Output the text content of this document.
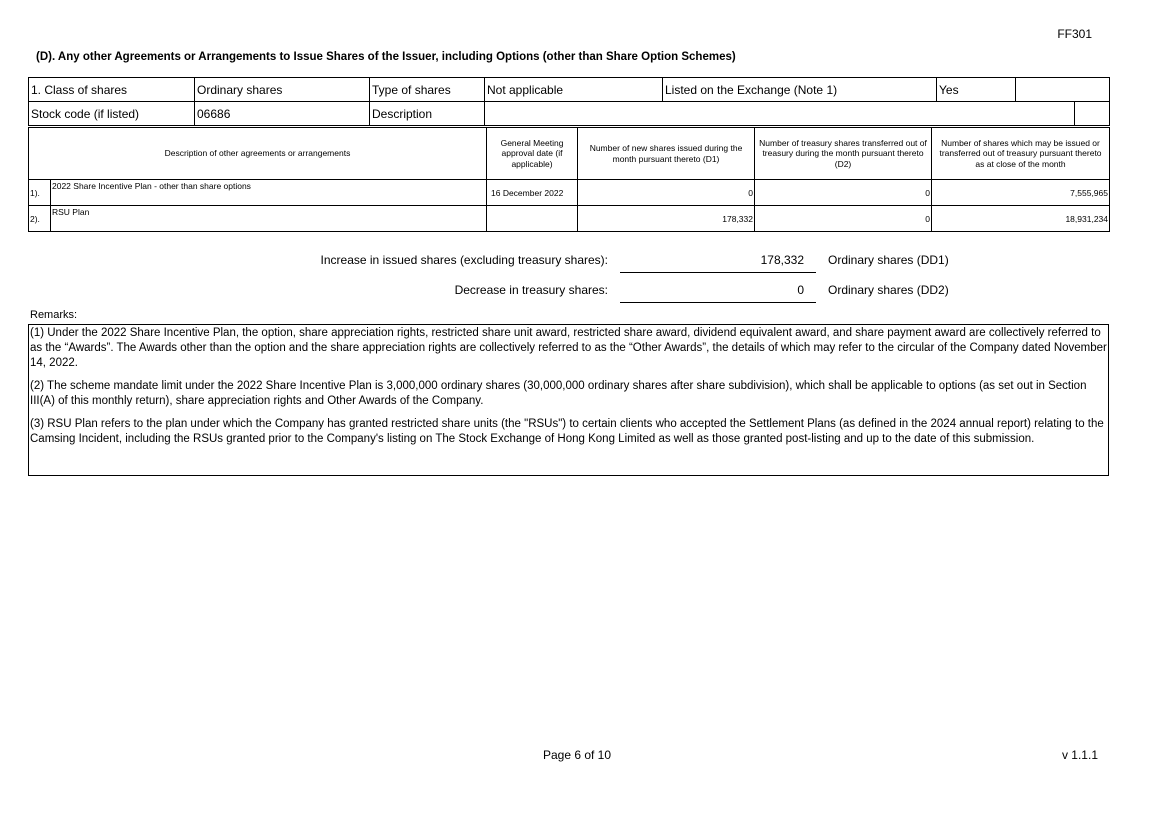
FF301
(D). Any other Agreements or Arrangements to Issue Shares of the Issuer, including Options (other than Share Option Schemes)
1. Class of shares	Ordinary shares	Type of shares	Not applicable	Listed on the Exchange (Note 1)	Yes		
Stock code (if listed)	06686	Description					
Description of other agreements or arrangements		General Meeting approval date (if applicable)	Number of new shares issued during the month pursuant thereto (D1)	Number of treasury shares transferred out of treasury during the month pursuant thereto (D2)	Number of shares which may be issued or transferred out of treasury pursuant thereto as at close of the month
1).	2022 Share Incentive Plan - other than share options	16 December 2022	0	0	7,555,965
2).	RSU Plan		178,332	0	18,931,234
Increase in issued shares (excluding treasury shares):	178,332 Ordinary shares (DD1)
Decrease in treasury shares:	0 Ordinary shares (DD2)
Remarks:

(1) Under the 2022 Share Incentive Plan, the option, share appreciation rights, restricted share unit award, restricted share award, dividend equivalent award, and share payment award are collectively referred to as the “Awards”. The Awards other than the option and the share appreciation rights are collectively referred to as the “Other Awards”, the details of which may refer to the circular of the Company dated November 14, 2022.

(2) The scheme mandate limit under the 2022 Share Incentive Plan is 3,000,000 ordinary shares (30,000,000 ordinary shares after share subdivision), which shall be applicable to options (as set out in Section III(A) of this monthly return), share appreciation rights and Other Awards of the Company.

(3) RSU Plan refers to the plan under which the Company has granted restricted share units (the "RSUs") to certain clients who accepted the Settlement Plans (as defined in the 2024 annual report) relating to the Camsing Incident, including the RSUs granted prior to the Company's listing on The Stock Exchange of Hong Kong Limited as well as those granted post-listing and up to the date of this submission.

Page 6 of 10	v 1.1.1
